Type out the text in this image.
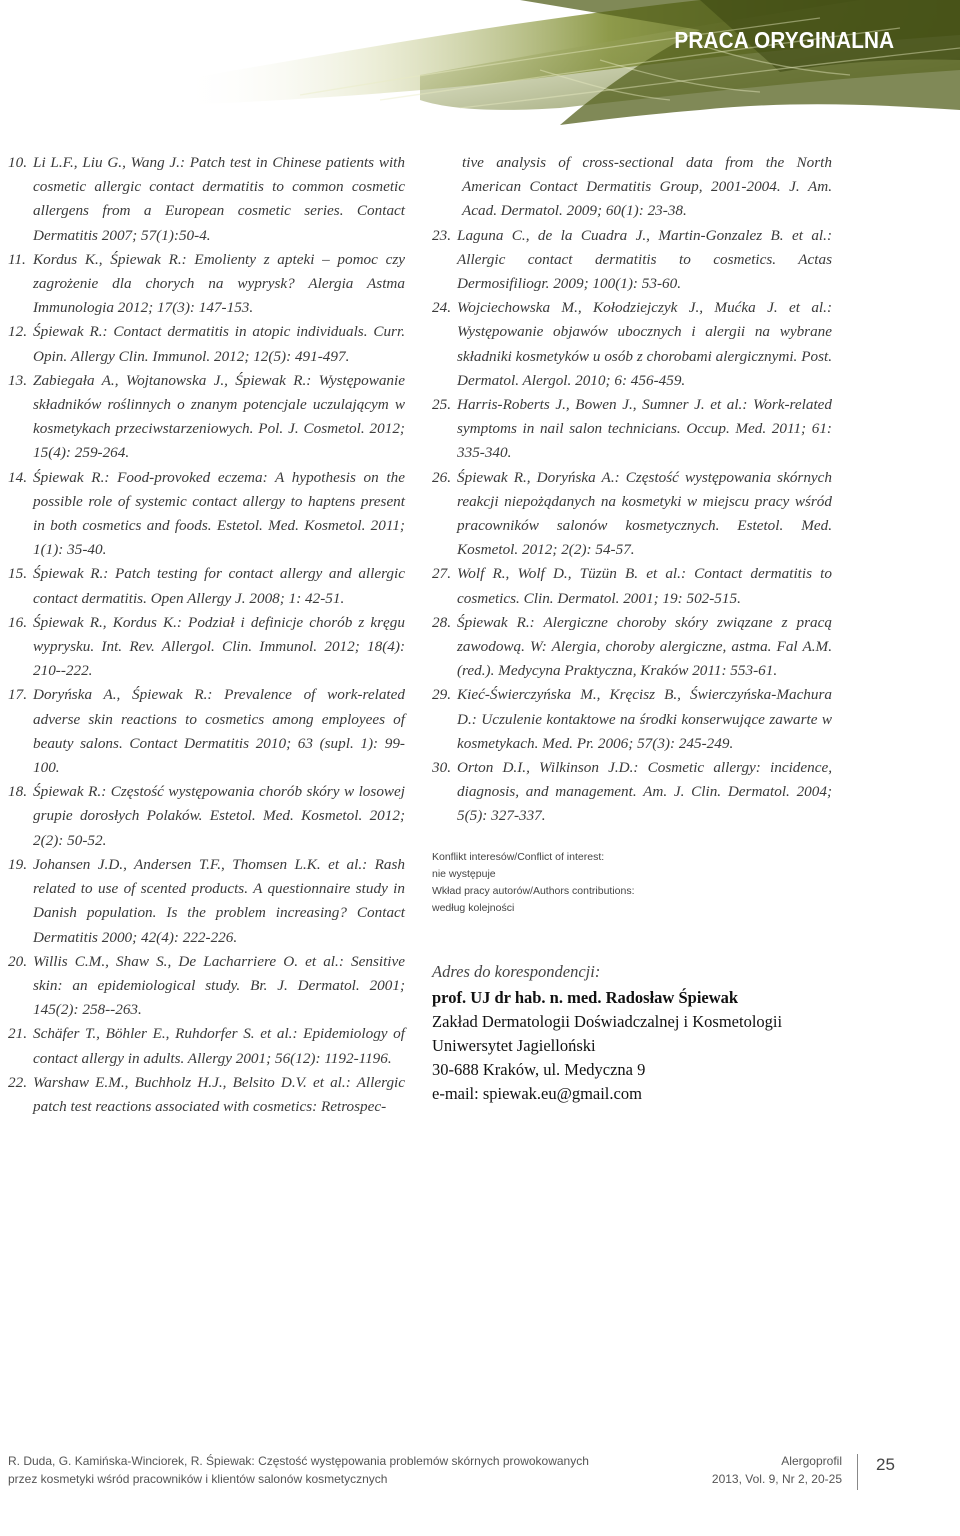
PRACA ORYGINALNA
10. Li L.F., Liu G., Wang J.: Patch test in Chinese patients with cosmetic allergic contact dermatitis to common cosmetic allergens from a European cosmetic series. Contact Dermatitis 2007; 57(1):50-4.
11. Kordus K., Śpiewak R.: Emolienty z apteki – pomoc czy zagrożenie dla chorych na wyprysk? Alergia Astma Immunologia 2012; 17(3): 147-153.
12. Śpiewak R.: Contact dermatitis in atopic individuals. Curr. Opin. Allergy Clin. Immunol. 2012; 12(5): 491-497.
13. Zabiegała A., Wojtanowska J., Śpiewak R.: Występowanie składników roślinnych o znanym potencjale uczulającym w kosmetykach przeciwstarzeniowych. Pol. J. Cosmetol. 2012; 15(4): 259-264.
14. Śpiewak R.: Food-provoked eczema: A hypothesis on the possible role of systemic contact allergy to haptens present in both cosmetics and foods. Estetol. Med. Kosmetol. 2011; 1(1): 35-40.
15. Śpiewak R.: Patch testing for contact allergy and allergic contact dermatitis. Open Allergy J. 2008; 1: 42-51.
16. Śpiewak R., Kordus K.: Podział i definicje chorób z kręgu wyprysku. Int. Rev. Allergol. Clin. Immunol. 2012; 18(4): 210--222.
17. Doryńska A., Śpiewak R.: Prevalence of work-related adverse skin reactions to cosmetics among employees of beauty salons. Contact Dermatitis 2010; 63 (supl. 1): 99-100.
18. Śpiewak R.: Częstość występowania chorób skóry w losowej grupie dorosłych Polaków. Estetol. Med. Kosmetol. 2012; 2(2): 50-52.
19. Johansen J.D., Andersen T.F., Thomsen L.K. et al.: Rash related to use of scented products. A questionnaire study in Danish population. Is the problem increasing? Contact Dermatitis 2000; 42(4): 222-226.
20. Willis C.M., Shaw S., De Lacharriere O. et al.: Sensitive skin: an epidemiological study. Br. J. Dermatol. 2001; 145(2): 258--263.
21. Schäfer T., Böhler E., Ruhdorfer S. et al.: Epidemiology of contact allergy in adults. Allergy 2001; 56(12): 1192-1196.
22. Warshaw E.M., Buchholz H.J., Belsito D.V. et al.: Allergic patch test reactions associated with cosmetics: Retrospec-
tive analysis of cross-sectional data from the North American Contact Dermatitis Group, 2001-2004. J. Am. Acad. Dermatol. 2009; 60(1): 23-38.
23. Laguna C., de la Cuadra J., Martin-Gonzalez B. et al.: Allergic contact dermatitis to cosmetics. Actas Dermosifiliogr. 2009; 100(1): 53-60.
24. Wojciechowska M., Kołodziejczyk J., Mućka J. et al.: Występowanie objawów ubocznych i alergii na wybrane składniki kosmetyków u osób z chorobami alergicznymi. Post. Dermatol. Alergol. 2010; 6: 456-459.
25. Harris-Roberts J., Bowen J., Sumner J. et al.: Work-related symptoms in nail salon technicians. Occup. Med. 2011; 61: 335-340.
26. Śpiewak R., Doryńska A.: Częstość występowania skórnych reakcji niepożądanych na kosmetyki w miejscu pracy wśród pracowników salonów kosmetycznych. Estetol. Med. Kosmetol. 2012; 2(2): 54-57.
27. Wolf R., Wolf D., Tüzün B. et al.: Contact dermatitis to cosmetics. Clin. Dermatol. 2001; 19: 502-515.
28. Śpiewak R.: Alergiczne choroby skóry związane z pracą zawodową. W: Alergia, choroby alergiczne, astma. Fal A.M. (red.). Medycyna Praktyczna, Kraków 2011: 553-61.
29. Kieć-Świerczyńska M., Kręcisz B., Świerczyńska-Machura D.: Uczulenie kontaktowe na środki konserwujące zawarte w kosmetykach. Med. Pr. 2006; 57(3): 245-249.
30. Orton D.I., Wilkinson J.D.: Cosmetic allergy: incidence, diagnosis, and management. Am. J. Clin. Dermatol. 2004; 5(5): 327-337.
Konflikt interesów/Conflict of interest:
nie występuje
Wkład pracy autorów/Authors contributions:
według kolejności
Adres do korespondencji:
prof. UJ dr hab. n. med. Radosław Śpiewak
Zakład Dermatologii Doświadczalnej i Kosmetologii
Uniwersytet Jagielloński
30-688 Kraków, ul. Medyczna 9
e-mail: spiewak.eu@gmail.com
R. Duda, G. Kamińska-Winciorek, R. Śpiewak: Częstość występowania problemów skórnych prowokowanych
przez kosmetyki wśród pracowników i klientów salonów kosmetycznych
Alergoprofil
2013, Vol. 9, Nr 2, 20-25
25
